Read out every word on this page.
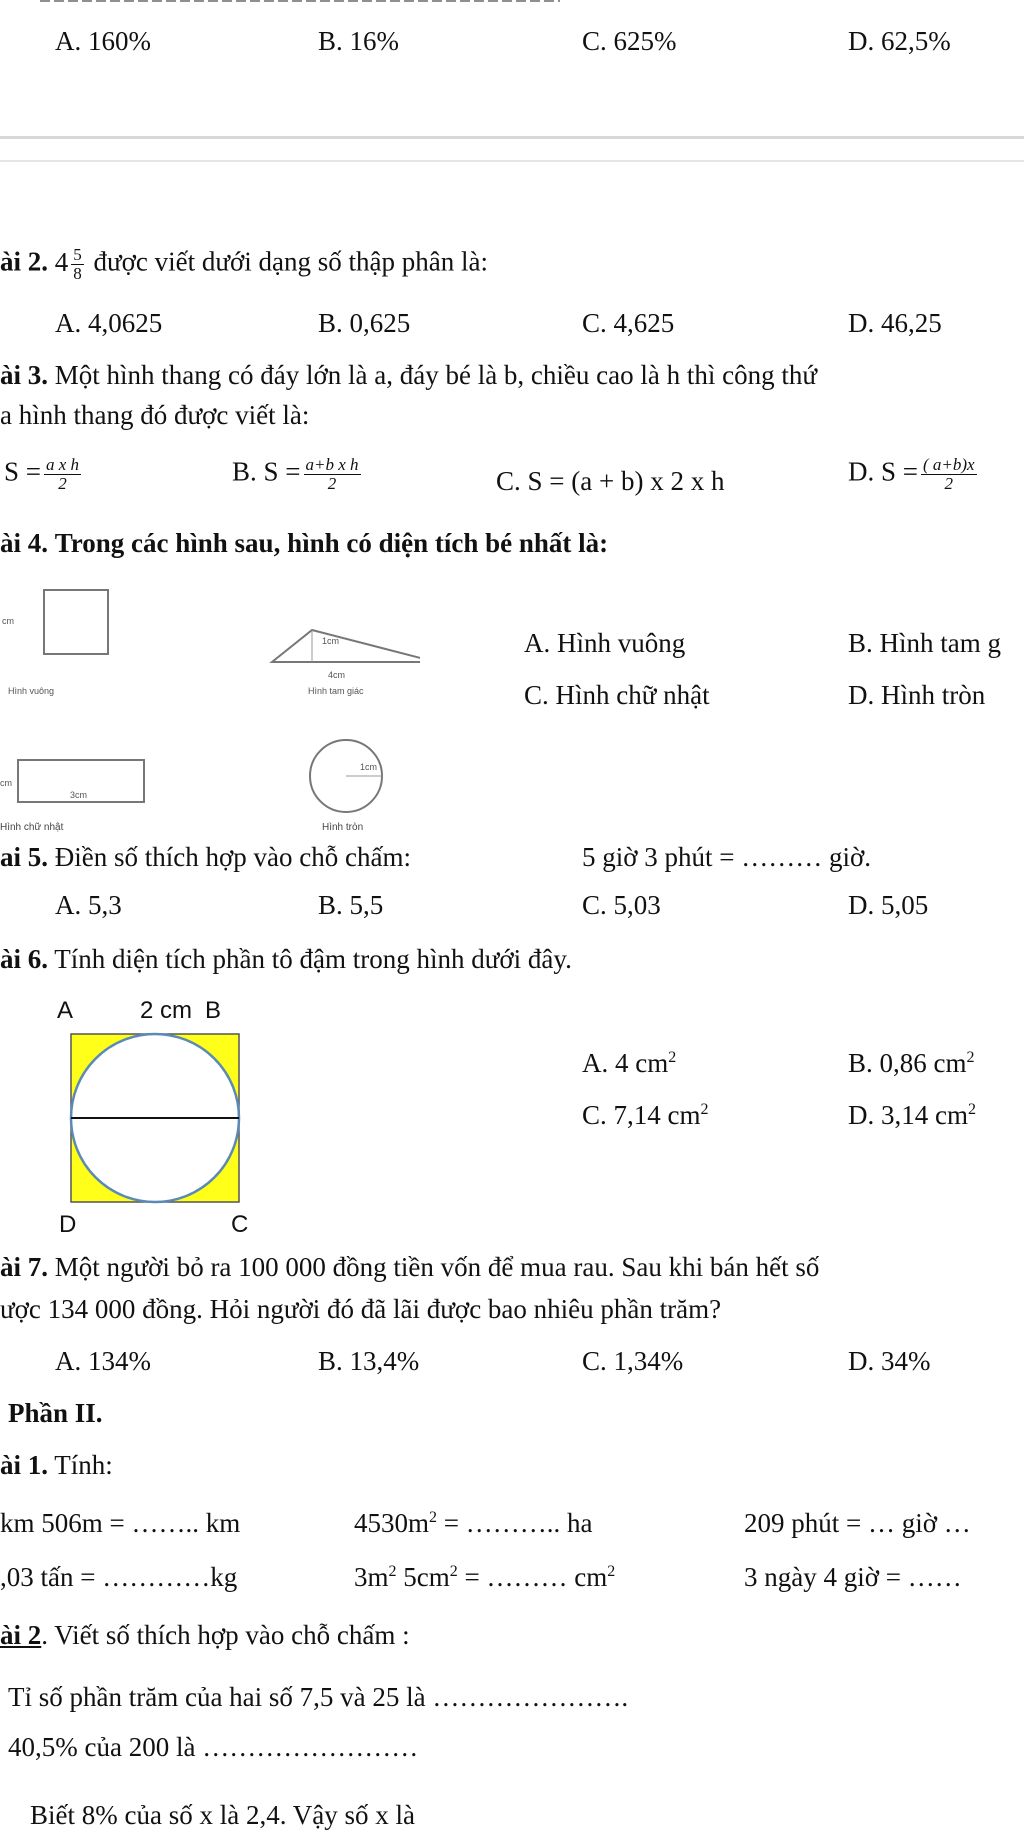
A. 160%	B. 16%	C. 625%	D. 62,5%
ài 2. $4 \frac{5}{8}$ được viết dưới dạng số thập phân là:
A. 4,0625	B. 0,625	C. 4,625	D. 46,25
ài 3. Một hình thang có đáy lớn là a, đáy bé là b, chiều cao là h thì công thứ
a hình thang đó được viết là:
$S = \frac{\text{a x h}}{2}$	B. $S = \frac{\text{a+b x h}}{2}$	C. S = (a + b) x 2 x h	D. $S = \frac{( a+b)x}{2}$
ài 4. Trong các hình sau, hình có diện tích bé nhất là:
cm
Hình vuông
1cm
4cm
Hình tam giác
cm
3cm
1cm
Hình chữ nhật	Hình tròn
A. Hình vuông	B. Hình tam g
C. Hình chữ nhật	D. Hình tròn
ai 5. Điền số thích hợp vào chỗ chấm:	5 giờ 3 phút = ……… giờ.
A. 5,3	B. 5,5	C. 5,03	D. 5,05
ài 6. Tính diện tích phần tô đậm trong hình dưới đây.
A	2 cm B
D	C
A. 4 $cm^2$	B. 0,86 $cm^2$
C. 7,14 $cm^2$	D. 3,14 $cm^2$
ài 7. Một người bỏ ra 100 000 đồng tiền vốn để mua rau. Sau khi bán hết số
ược 134 000 đồng. Hỏi người đó đã lãi được bao nhiêu phần trăm?
A. 134%	B. 13,4%	C. 1,34%	D. 34%
Phần II.
ài 1. Tính:
km 506m = …….. km	$4530m^2$ = ……….. ha	209 phút = … giờ …
,03 tấn = …………kg	$3m^2$ $5cm^2$ = ……… $cm^2$	3 ngày 4 giờ = ……
ài 2. Viết số thích hợp vào chỗ chấm :
Tỉ số phần trăm của hai số 7,5 và 25 là ………………….
40,5% của 200 là ……………………
Biết 8% của số x là 2,4. Vậy số x là
